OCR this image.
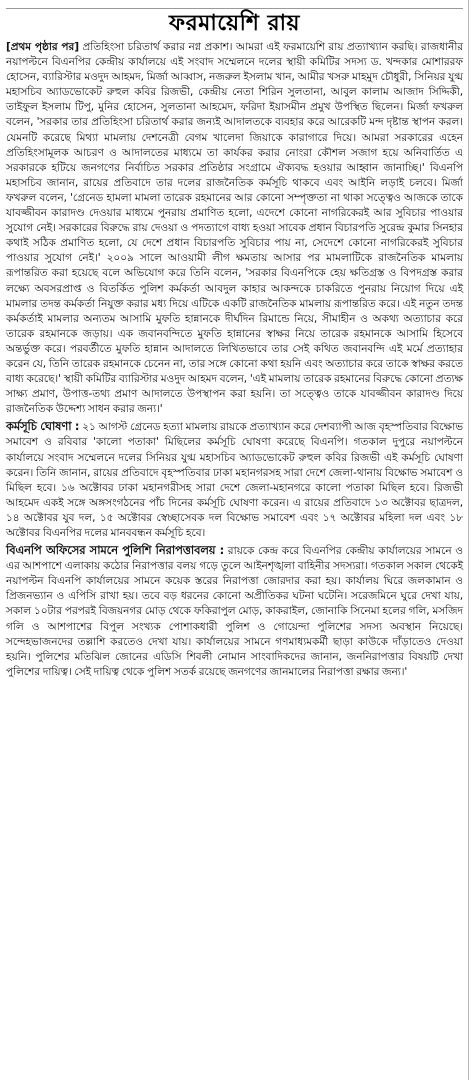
ফরমায়েশি রায়

[প্রথম পৃষ্ঠার পর] প্রতিহিংসা চরিতার্থ করার নগ্ন প্রকাশ। আমরা এই ফরমায়েশি রায় প্রত্যাখ্যান করছি। রাজধানীর নয়াপল্টনে বিএনপির কেন্দ্রীয় কার্যালয়ে এই সংবাদ সম্মেলনে দলের স্থায়ী কমিটির সদস্য ড. খন্দকার মোশাররফ হোসেন, ব্যারিস্টার মওদুদ আহমদ, মির্জা আব্বাস, নজরুল ইসলাম খান, আমীর খসরু মাহমুদ চৌধুরী, সিনিয়র যুগ্ম মহাসচিব অ্যাডভোকেট রুহুল কবির রিজভী, কেন্দ্রীয় নেতা শিরিন সুলতানা, আবুল কালাম আজাদ সিদ্দিকী, তাইফুল ইসলাম টিপু, মুনির হোসেন, সুলতানা আহমেদ, ফরিদা ইয়াসমীন প্রমুখ উপস্থিত ছিলেন। মির্জা ফখরুল বলেন, 'সরকার তার প্রতিহিংসা চরিতার্থ করার জন্যই আদালতকে ব্যবহার করে আরেকটি মন্দ দৃষ্টান্ত স্থাপন করল। যেমনটি করেছে মিথ্যা মামলায় দেশনেত্রী বেগম খালেদা জিয়াকে কারাগারে দিয়ে। আমরা সরকারের এহেন প্রতিহিংসামূলক আচরণ ও আদালতের মাধ্যমে তা কার্যকর করার নোংরা কৌশল সজাগ হয়ে অনিবার্তিত এ সরকারকে হটিয়ে জনগণের নির্বাচিত সরকার প্রতিষ্ঠার সংগ্রামে ঐক্যবদ্ধ হওয়ার আহ্বান জানাচ্ছি।' বিএনপি মহাসচিব জানান, রায়ের প্রতিবাদে তার দলের রাজনৈতিক কর্মসূচি থাকবে এবং আইনি লড়াই চলবে। মির্জা ফখরুল বলেন, 'গ্রেনেড হামলা মামলা তারেক রহমানের আর কোনো সম্পৃক্ততা না থাকা সত্ত্বেও আজকে তাকে যাবজ্জীবন কারাদণ্ড দেওয়ার মাধ্যমে পুনরায় প্রমাণিত হলো, এদেশে কোনো নাগরিকেরই আর সুবিচার পাওয়ার সুযোগ নেই। সরকারের বিরুদ্ধে রায় দেওয়া ও পদত্যাগে বাধ্য হওয়া সাবেক প্রধান বিচারপতি সুরেন্দ্র কুমার সিনহার কথাই সঠিক প্রমাণিত হলো, যে দেশে প্রধান বিচারপতি সুবিচার পায় না, সেদেশে কোনো নাগরিকেরই সুবিচার পাওয়ার সুযোগ নেই।' ২০০৯ সালে আওয়ামী লীগ ক্ষমতায় আসার পর মামলাটিকে রাজনৈতিক মামলায় রূপান্তরিত করা হয়েছে বলে অভিযোগ করে তিনি বলেন, 'সরকার বিএনপিকে হেয় ক্ষতিগ্রস্ত ও বিপদগ্রস্ত করার লক্ষ্যে অবসরপ্রাপ্ত ও বিতর্কিত পুলিশ কর্মকর্তা আবদুল কাহার আকন্দকে চাকরিতে পুনরায় নিয়োগ দিয়ে এই মামলার তদন্ত কর্মকর্তা নিযুক্ত করার মধ্য দিয়ে এটিকে একটি রাজনৈতিক মামলায় রূপান্তরিত করে। এই নতুন তদন্ত কর্মকর্তাই মামলার অন্যতম আসামি মুফতি হান্নানকে দীর্ঘদিন রিমান্ডে নিয়ে, সীমাহীন ও অকথ্য অত্যাচার করে তারেক রহমানকে জড়ায়। এক জবানবন্দিতে মুফতি হান্নানের স্বাক্ষর নিয়ে তারেক রহমানকে আসামি হিসেবে অন্তর্ভুক্ত করে। পরবর্তীতে মুফতি হান্নান আদালতে লিখিতভাবে তার সেই কথিত জবানবন্দি এই মর্মে প্রত্যাহার করেন যে, তিনি তারেক রহমানকে চেনেন না, তার সঙ্গে কোনো কথা হয়নি এবং অত্যাচার করে তাকে স্বাক্ষর করতে বাধ্য করেছে।' স্থায়ী কমিটির ব্যারিস্টার মওদুদ আহমদ বলেন, 'এই মামলায় তারেক রহমানের বিরুদ্ধে কোনো প্রত্যক্ষ সাক্ষ্য প্রমাণ, উপাত্ত-তথ্য প্রমাণ আদালতে উপস্থাপন করা হয়নি। তা সত্ত্বেও তাকে যাবজ্জীবন কারাদণ্ড দিয়ে রাজনৈতিক উদ্দেশ্য সাধন করার জন্য।'

কর্মসূচি ঘোষণা : ২১ আগস্ট গ্রেনেড হত্যা মামলায় রায়কে প্রত্যাখ্যান করে দেশব্যাপী আজ বৃহস্পতিবার বিক্ষোভ সমাবেশ ও রবিবার 'কালো পতাকা' মিছিলের কর্মসূচি ঘোষণা করেছে বিএনপি। গতকাল দুপুরে নয়াপল্টনে কার্যালয়ে সংবাদ সম্মেলনে দলের সিনিয়র যুগ্ম মহাসচিব অ্যাডভোকেট রুহুল কবির রিজভী এই কর্মসূচি ঘোষণা করেন। তিনি জানান, রায়ের প্রতিবাদে বৃহস্পতিবার ঢাকা মহানগরসহ সারা দেশে জেলা-থানায় বিক্ষোভ সমাবেশ ও মিছিল হবে। ১৬ অক্টোবর ঢাকা মহানগরীসহ সারা দেশে জেলা-মহানগরে কালো পতাকা মিছিল হবে। রিজভী আহমেদ একই সঙ্গে অঙ্গসংগঠনের পাঁচ দিনের কর্মসূচি ঘোষণা করেন। এ রায়ের প্রতিবাদে ১৩ অক্টোবর ছাত্রদল, ১৪ অক্টোবর যুব দল, ১৫ অক্টোবর স্বেচ্ছাসেবক দল বিক্ষোভ সমাবেশ এবং ১৭ অক্টোবর মহিলা দল এবং ১৮ অক্টোবর বিএনপির দলের মানববন্ধন কর্মসূচি হবে।

বিএনপি অফিসের সামনে পুলিশি নিরাপত্তাবলয় : রায়কে কেন্দ্র করে বিএনপির কেন্দ্রীয় কার্যালয়ের সামনে ও এর আশপাশে এলাকায় কঠোর নিরাপত্তার বলয় গড়ে তুলে আইনশৃঙ্খলা বাহিনীর সদস্যরা। গতকাল সকাল থেকেই নয়াপল্টন বিএনপি কার্যালয়ের সামনে কয়েক স্তরের নিরাপত্তা জোরদার করা হয়। কার্যালয় ঘিরে জলকামান ও প্রিজনভ্যান ও এপিসি রাখা হয়। তবে বড় ধরনের কোনো অপ্রীতিকর ঘটনা ঘটেনি। সরেজমিনে ঘুরে দেখা যায়, সকাল ১০টার পরপরই বিজয়নগর মোড় থেকে ফকিরাপুল মোড়, কাকরাইল, জোনাকি সিনেমা হলের গলি, মসজিদ গলি ও আশপাশের বিপুল সংখ্যক পোশাকধারী পুলিশ ও গোয়েন্দা পুলিশের সদস্য অবস্থান নিয়েছে। সন্দেহভাজনদের তল্লাশি করতেও দেখা যায়। কার্যালয়ের সামনে গণমাধ্যমকর্মী ছাড়া কাউকে দাঁড়াতেও দেওয়া হয়নি। পুলিশের মতিঝিল জোনের এডিসি শিবলী নোমান সাংবাদিকদের জানান, জননিরাপত্তার বিষয়টি দেখা পুলিশের দায়িত্ব। সেই দায়িত্ব থেকে পুলিশ সতর্ক রয়েছে জনগণের জানমালের নিরাপত্তা রক্ষার জন্য।'
